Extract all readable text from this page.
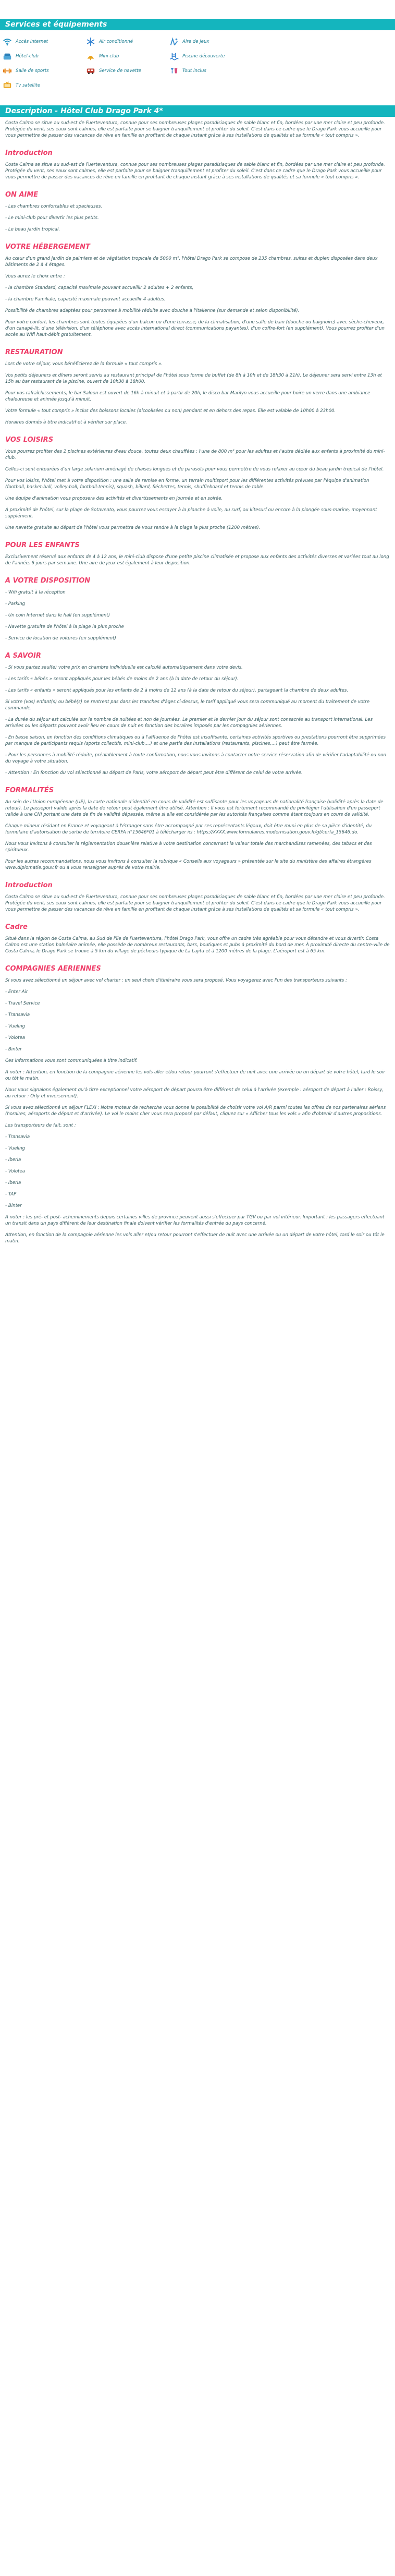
Services et équipements
Accès internet	Air conditionné	Aire de jeux
Hôtel-club	Mini club	Piscine découverte
Salle de sports	Service de navette	Tout inclus
Tv satellite
Description - Hôtel Club Drago Park 4*

Costa Calma se situe au sud-est de Fuerteventura, connue pour ses nombreuses plages paradisiaques de sable blanc et fin, bordées par une mer claire et peu profonde. Protégée du vent, ses eaux sont calmes, elle est parfaite pour se baigner tranquillement et profiter du soleil. C'est dans ce cadre que le Drago Park vous accueille pour vous permettre de passer des vacances de rêve en famille en profitant de chaque instant grâce à ses installations de qualités et sa formule « tout compris ».

Introduction

Costa Calma se situe au sud-est de Fuerteventura, connue pour ses nombreuses plages paradisiaques de sable blanc et fin, bordées par une mer claire et peu profonde. Protégée du vent, ses eaux sont calmes, elle est parfaite pour se baigner tranquillement et profiter du soleil. C'est dans ce cadre que le Drago Park vous accueille pour vous permettre de passer des vacances de rêve en famille en profitant de chaque instant grâce à ses installations de qualités et sa formule « tout compris ».

ON AIME

- Les chambres confortables et spacieuses.

- Le mini-club pour divertir les plus petits.

- Le beau jardin tropical.

VOTRE HÉBERGEMENT

Au cœur d'un grand jardin de palmiers et de végétation tropicale de 5000 m², l'hôtel Drago Park se compose de 235 chambres, suites et duplex disposées dans deux bâtiments de 2 à 4 étages.

Vous aurez le choix entre :

- la chambre Standard, capacité maximale pouvant accueillir 2 adultes + 2 enfants,

- la chambre Familiale, capacité maximale pouvant accueillir 4 adultes.

Possibilité de chambres adaptées pour personnes à mobilité réduite avec douche à l'italienne (sur demande et selon disponibilité).

Pour votre confort, les chambres sont toutes équipées d'un balcon ou d'une terrasse, de la climatisation, d'une salle de bain (douche ou baignoire) avec sèche-cheveux, d'un canapé-lit, d'une télévision, d'un téléphone avec accès international direct (communications payantes), d'un coffre-fort (en supplément). Vous pourrez profiter d'un accès au Wifi haut-débit gratuitement.

RESTAURATION

Lors de votre séjour, vous bénéficierez de la formule « tout compris ».

Vos petits déjeuners et dîners seront servis au restaurant principal de l'hôtel sous forme de buffet (de 8h à 10h et de 18h30 à 21h). Le déjeuner sera servi entre 13h et 15h au bar restaurant de la piscine, ouvert de 10h30 à 18h00.

Pour vos rafraîchissements, le bar Saloon est ouvert de 16h à minuit et à partir de 20h, le disco bar Marilyn vous accueille pour boire un verre dans une ambiance chaleureuse et animée jusqu'à minuit.

Votre formule « tout compris » inclus des boissons locales (alcoolisées ou non) pendant et en dehors des repas. Elle est valable de 10h00 à 23h00.

Horaires donnés à titre indicatif et à vérifier sur place.

VOS LOISIRS

Vous pourrez profiter des 2 piscines extérieures d'eau douce, toutes deux chauffées : l'une de 800 m² pour les adultes et l'autre dédiée aux enfants à proximité du mini-club.

Celles-ci sont entourées d'un large solarium aménagé de chaises longues et de parasols pour vous permettre de vous relaxer au cœur du beau jardin tropical de l'hôtel.

Pour vos loisirs, l'hôtel met à votre disposition : une salle de remise en forme, un terrain multisport pour les différentes activités prévues par l'équipe d'animation (football, basket-ball, volley-ball, football-tennis), squash, billard, fléchettes, tennis, shuffleboard et tennis de table.

Une équipe d'animation vous proposera des activités et divertissements en journée et en soirée.

À proximité de l'hôtel, sur la plage de Sotavento, vous pourrez vous essayer à la planche à voile, au surf, au kitesurf ou encore à la plongée sous-marine, moyennant supplément.

Une navette gratuite au départ de l'hôtel vous permettra de vous rendre à la plage la plus proche (1200 mètres).

POUR LES ENFANTS

Exclusivement réservé aux enfants de 4 à 12 ans, le mini-club dispose d'une petite piscine climatisée et propose aux enfants des activités diverses et variées tout au long de l'année, 6 jours par semaine. Une aire de jeux est également à leur disposition.

A VOTRE DISPOSITION

- Wifi gratuit à la réception

- Parking

- Un coin Internet dans le hall (en supplément)

- Navette gratuite de l'hôtel à la plage la plus proche

- Service de location de voitures (en supplément)

A SAVOIR

- Si vous partez seul(e) votre prix en chambre individuelle est calculé automatiquement dans votre devis.

- Les tarifs « bébés » seront appliqués pour les bébés de moins de 2 ans (à la date de retour du séjour).

- Les tarifs « enfants » seront appliqués pour les enfants de 2 à moins de 12 ans (à la date de retour du séjour), partageant la chambre de deux adultes.

Si votre (vos) enfant(s) ou bébé(s) ne rentrent pas dans les tranches d'âges ci-dessus, le tarif appliqué vous sera communiqué au moment du traitement de votre commande.

- La durée du séjour est calculée sur le nombre de nuitées et non de journées. Le premier et le dernier jour du séjour sont consacrés au transport international. Les arrivées ou les départs pouvant avoir lieu en cours de nuit en fonction des horaires imposés par les compagnies aériennes.

- En basse saison, en fonction des conditions climatiques ou à l'affluence de l'hôtel est insuffisante, certaines activités sportives ou prestations pourront être supprimées par manque de participants requis (sports collectifs, mini-club,...) et une partie des installations (restaurants, piscines,...) peut être fermée.

- Pour les personnes à mobilité réduite, préalablement à toute confirmation, nous vous invitons à contacter notre service réservation afin de vérifier l'adaptabilité ou non du voyage à votre situation.

- Attention : En fonction du vol sélectionné au départ de Paris, votre aéroport de départ peut être différent de celui de votre arrivée.

FORMALITÉS

Au sein de l'Union européenne (UE), la carte nationale d'identité en cours de validité est suffisante pour les voyageurs de nationalité française (validité après la date de retour). Le passeport valide après la date de retour peut également être utilisé. Attention : Il vous est fortement recommandé de privilégier l'utilisation d'un passeport valide à une CNI portant une date de fin de validité dépassée, même si elle est considérée par les autorités françaises comme étant toujours en cours de validité.

Chaque mineur résidant en France et voyageant à l'étranger sans être accompagné par ses représentants légaux, doit être muni en plus de sa pièce d'identité, du formulaire d'autorisation de sortie de territoire CERFA n°15646*01 à télécharger ici : https://XXXX.www.formulaires.modernisation.gouv.fr/gf/cerfa_15646.do.

Nous vous invitons à consulter la réglementation douanière relative à votre destination concernant la valeur totale des marchandises ramenées, des tabacs et des spiritueux.

Pour les autres recommandations, nous vous invitons à consulter la rubrique « Conseils aux voyageurs » présentée sur le site du ministère des affaires étrangères www.diplomatie.gouv.fr ou à vous renseigner auprès de votre mairie.

Introduction

Costa Calma se situe au sud-est de Fuerteventura, connue pour ses nombreuses plages paradisiaques de sable blanc et fin, bordées par une mer claire et peu profonde. Protégée du vent, ses eaux sont calmes, elle est parfaite pour se baigner tranquillement et profiter du soleil. C'est dans ce cadre que le Drago Park vous accueille pour vous permettre de passer des vacances de rêve en famille en profitant de chaque instant grâce à ses installations de qualités et sa formule « tout compris ».

Cadre

Situé dans la région de Costa Calma, au Sud de l'île de Fuerteventura, l'hôtel Drago Park, vous offre un cadre très agréable pour vous détendre et vous divertir. Costa Calma est une station balnéaire animée, elle possède de nombreux restaurants, bars, boutiques et pubs à proximité du bord de mer. À proximité directe du centre-ville de Costa Calma, le Drago Park se trouve à 5 km du village de pêcheurs typique de La Lajita et à 1200 mètres de la plage. L'aéroport est à 65 km.

COMPAGNIES AERIENNES

Si vous avez sélectionné un séjour avec vol charter : un seul choix d'itinéraire vous sera proposé. Vous voyagerez avec l'un des transporteurs suivants :

- Enter Air

- Travel Service

- Transavia

- Vueling

- Volotea

- Binter

Ces informations vous sont communiquées à titre indicatif.

A noter : Attention, en fonction de la compagnie aérienne les vols aller et/ou retour pourront s'effectuer de nuit avec une arrivée ou un départ de votre hôtel, tard le soir ou tôt le matin.

Nous vous signalons également qu'à titre exceptionnel votre aéroport de départ pourra être différent de celui à l'arrivée (exemple : aéroport de départ à l'aller : Roissy, au retour : Orly et inversement).

Si vous avez sélectionné un séjour FLEXI : Notre moteur de recherche vous donne la possibilité de choisir votre vol A/R parmi toutes les offres de nos partenaires aériens (horaires, aéroports de départ et d'arrivée). Le vol le moins cher vous sera proposé par défaut, cliquez sur « Afficher tous les vols » afin d'obtenir d'autres propositions.

Les transporteurs de fait, sont :

- Transavia

- Vueling

- Iberia

- Volotea

- Iberia

- TAP

- Binter

A noter : les pré- et post- acheminements depuis certaines villes de province peuvent aussi s'effectuer par TGV ou par vol intérieur. Important : les passagers effectuant un transit dans un pays différent de leur destination finale doivent vérifier les formalités d'entrée du pays concerné.

Attention, en fonction de la compagnie aérienne les vols aller et/ou retour pourront s'effectuer de nuit avec une arrivée ou un départ de votre hôtel, tard le soir ou tôt le matin.
